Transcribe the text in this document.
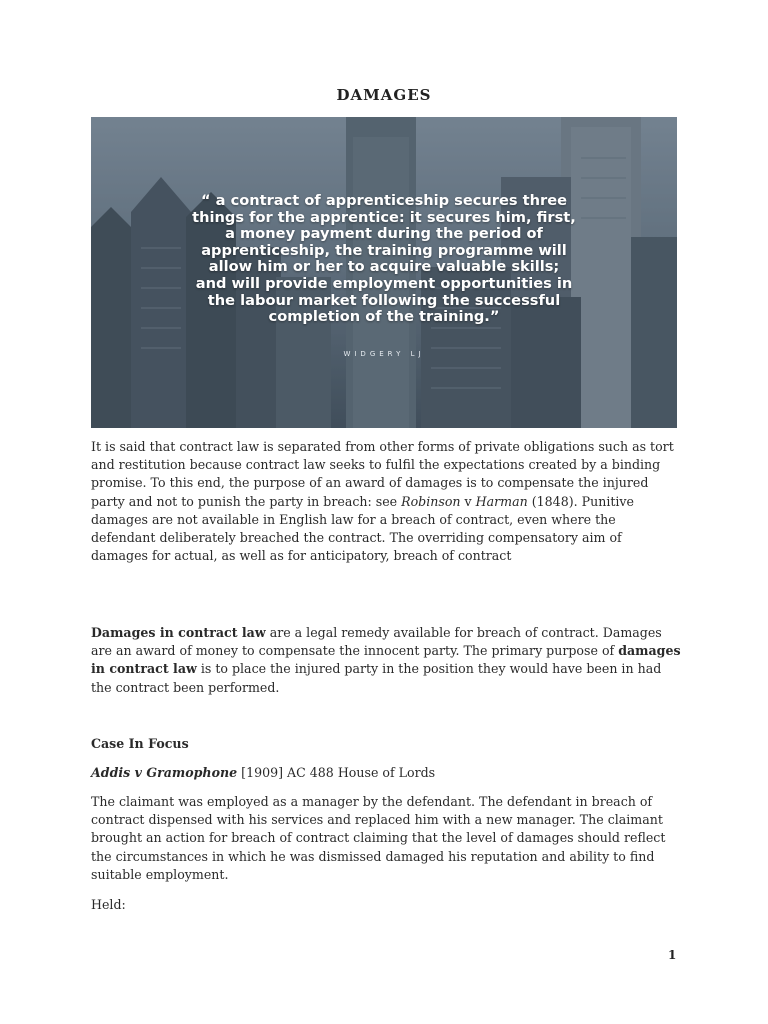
DAMAGES
“ a contract of apprenticeship secures three things for the apprentice: it secures him, first, a money payment during the period of apprenticeship, the training programme will allow him or her to acquire valuable skills; and will provide employment opportunities in the labour market following the successful completion of the training.”
WIDGERY LJ
It is said that contract law is separated from other forms of private obligations such as tort and restitution because contract law seeks to fulfil the expectations created by a binding promise. To this end, the purpose of an award of damages is to compensate the injured party and not to punish the party in breach: see Robinson v Harman (1848). Punitive damages are not available in English law for a breach of contract, even where the defendant deliberately breached the contract. The overriding compensatory aim of damages for actual, as well as for anticipatory, breach of contract
Damages in contract law are a legal remedy available for breach of contract. Damages are an award of money to compensate the innocent party. The primary purpose of damages in contract law is to place the injured party in the position they would have been in had the contract been performed.
Case In Focus
Addis v Gramophone [1909] AC 488 House of Lords
The claimant was employed as a manager by the defendant. The defendant in breach of contract dispensed with his services and replaced him with a new manager. The claimant brought an action for breach of contract claiming that the level of damages should reflect the circumstances in which he was dismissed damaged his reputation and ability to find suitable employment.
Held:
1
